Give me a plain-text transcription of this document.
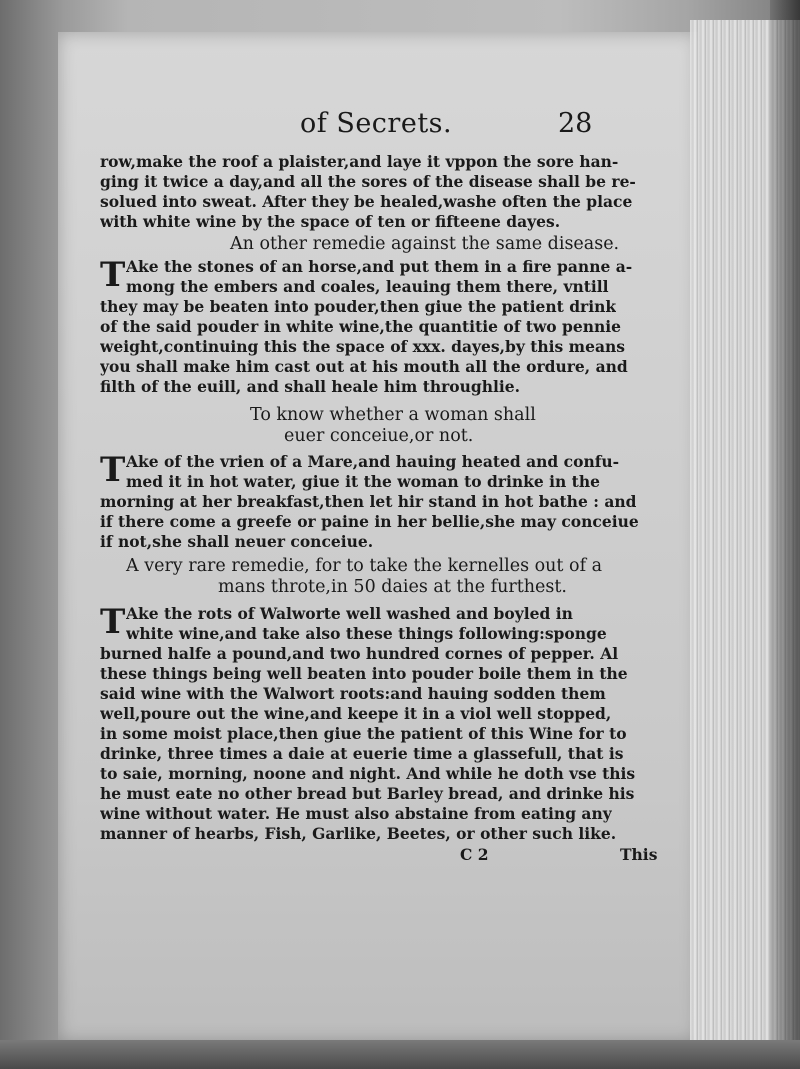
of Secrets.	28
row,make the roof a plaister,and laye it vppon the sore han-
ging it twice a day,and all the sores of the disease shall be re-
solued into sweat. After they be healed,washe often the place
with white wine by the space of ten or fifteene dayes.
An other remedie against the same disease.
T Ake the stones of an horse,and put them in a fire panne a-
mong the embers and coales, leauing them there, vntill
they may be beaten into pouder,then giue the patient drink
of the said pouder in white wine,the quantitie of two pennie
weight,continuing this the space of xxx. dayes,by this means
you shall make him cast out at his mouth all the ordure, and
filth of the euill, and shall heale him throughlie.
To know whether a woman shall
euer conceiue,or not.
T Ake of the vrien of a Mare,and hauing heated and confu-
med it in hot water, giue it the woman to drinke in the
morning at her breakfast,then let hir stand in hot bathe : and
if there come a greefe or paine in her bellie,she may conceiue
if not,she shall neuer conceiue.
A very rare remedie, for to take the kernelles out of a
mans throte,in 50 daies at the furthest.
T Ake the rots of Walworte well washed and boyled in
white wine,and take also these things following:sponge
burned halfe a pound,and two hundred cornes of pepper. Al
these things being well beaten into pouder boile them in the
said wine with the Walwort roots:and hauing sodden them
well,poure out the wine,and keepe it in a viol well stopped,
in some moist place,then giue the patient of this Wine for to
drinke, three times a daie at euerie time a glassefull, that is
to saie, morning, noone and night. And while he doth vse this
he must eate no other bread but Barley bread, and drinke his
wine without water. He must also abstaine from eating any
manner of hearbs, Fish, Garlike, Beetes, or other such like.
C 2	This
